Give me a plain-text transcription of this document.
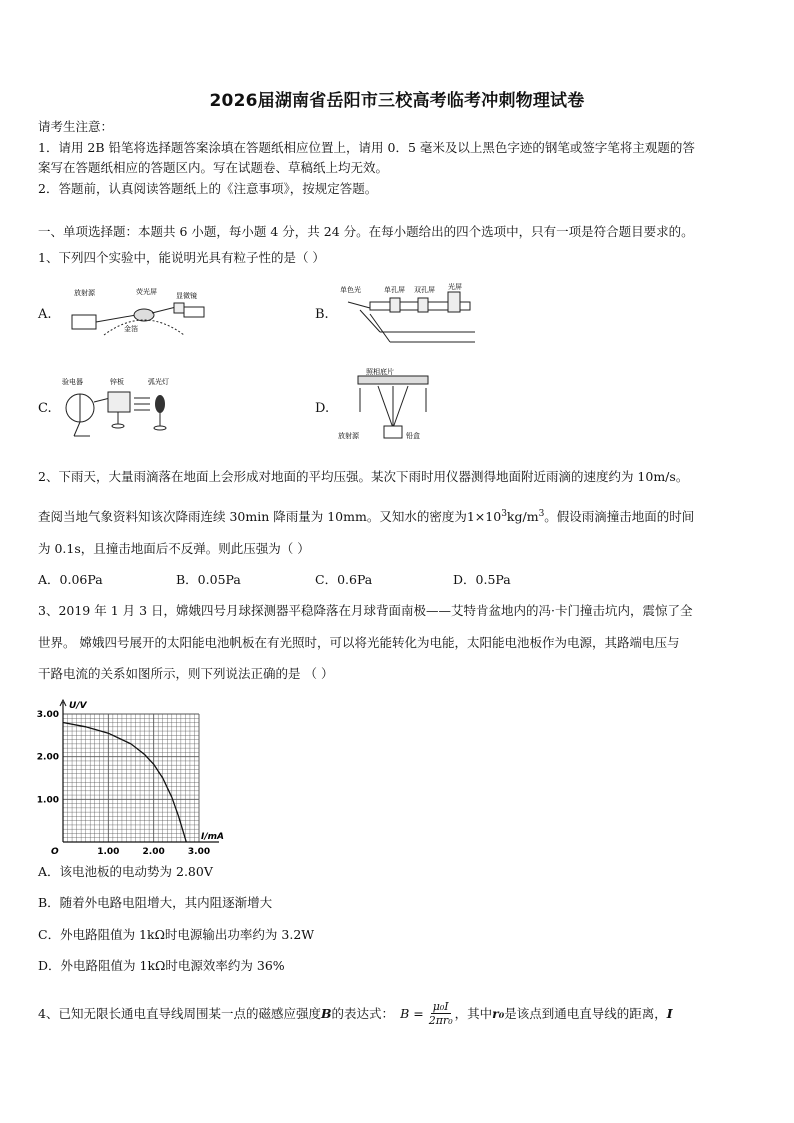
2026届湖南省岳阳市三校高考临考冲刺物理试卷
请考生注意：
1．请用 2B 铅笔将选择题答案涂填在答题纸相应位置上，请用 0．5 毫米及以上黑色字迹的钢笔或签字笔将主观题的答
案写在答题纸相应的答题区内。写在试题卷、草稿纸上均无效。
2．答题前，认真阅读答题纸上的《注意事项》，按规定答题。
一、单项选择题：本题共 6 小题，每小题 4 分，共 24 分。在每小题给出的四个选项中，只有一项是符合题目要求的。
1、下列四个实验中，能说明光具有粒子性的是（ ）
A.
放射源	荧光屏	显微镜
金箔
B.
单色光	单孔屏 双孔屏 光屏
C.
验电器	锌板	弧光灯
D.
照相底片
放射源	铅盒
2、下雨天，大量雨滴落在地面上会形成对地面的平均压强。某次下雨时用仪器测得地面附近雨滴的速度约为 10m/s。
查阅当地气象资料知该次降雨连续 30min 降雨量为 10mm。又知水的密度为$1\times 10^3kg/m^3$。假设雨滴撞击地面的时间
为 0.1s，且撞击地面后不反弹。则此压强为（ ）
A．0.06Pa	B．0.05Pa	C．0.6Pa	D．0.5Pa
3、2019 年 1 月 3 日，嫦娥四号月球探测器平稳降落在月球背面南极——艾特肯盆地内的冯·卡门撞击坑内，震惊了全
世界。 嫦娥四号展开的太阳能电池帆板在有光照时，可以将光能转化为电能，太阳能电池板作为电源，其路端电压与
干路电流的关系如图所示，则下列说法正确的是 （ ）
1.00
2.00
3.00
1.00	2.00	3.00
O
U/V
I/mA
A．该电池板的电动势为 2.80V
B．随着外电路电阻增大，其内阻逐渐增大
C．外电路阻值为 1kΩ时电源输出功率约为 3.2W
D．外电路阻值为 1kΩ时电源效率约为 36%
4、已知无限长通电直导线周围某一点的磁感应强度 B 的表达式： $B = \frac{\text{μ₀I}}{\text{2πr₀}}$ ，其中 r₀ 是该点到通电直导线的距离， I
